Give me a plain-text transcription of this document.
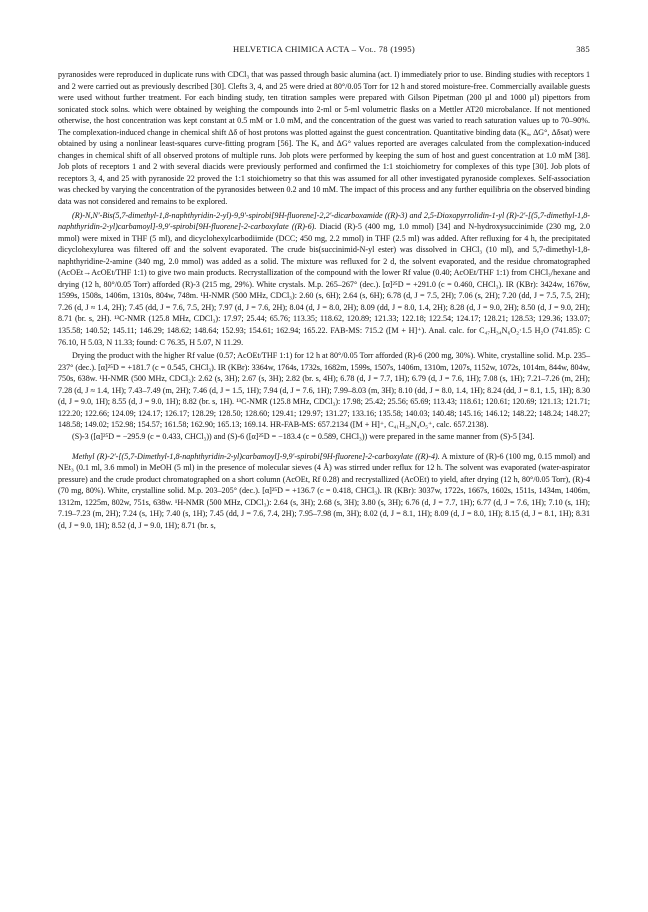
HELVETICA CHIMICA ACTA – Vol. 78 (1995)	385

pyranosides were reproduced in duplicate runs with CDCl₃ that was passed through basic alumina (act. I) immediately prior to use. Binding studies with receptors 1 and 2 were carried out as previously described [30]. Clefts 3, 4, and 25 were dried at 80°/0.05 Torr for 12 h and stored moisture-free. Commercially available guests were used without further treatment. For each binding study, ten titration samples were prepared with Gilson Pipetman (200 µl and 1000 µl) pipettors from sonicated stock solns. which were obtained by weighing the compounds into 2-ml or 5-ml volumetric flasks on a Mettler AT20 microbalance. If not mentioned otherwise, the host concentration was kept constant at 0.5 mM or 1.0 mM, and the concentration of the guest was varied to reach saturation values up to 70–90%. The complexation-induced change in chemical shift Δδ of host protons was plotted against the guest concentration. Quantitative binding data (Kₐ, ΔG°, Δδsat) were obtained by using a nonlinear least-squares curve-fitting program [56]. The Kₐ and ΔG° values reported are averages calculated from the complexation-induced changes in chemical shift of all observed protons of multiple runs. Job plots were performed by keeping the sum of host and guest concentration at 1.0 mM [38]. Job plots of receptors 1 and 2 with several diacids were previously performed and confirmed the 1:1 stoichiometry for complexes of this type [30]. Job plots of receptors 3, 4, and 25 with pyranoside 22 proved the 1:1 stoichiometry so that this was assumed for all other investigated pyranoside complexes. Self-association was checked by varying the concentration of the pyranosides between 0.2 and 10 mM. The impact of this process and any further equilibria on the observed binding data was not considered and remains to be explored.

(R)-N,N′-Bis(5,7-dimethyl-1,8-naphthyridin-2-yl)-9,9′-spirobi[9H-fluorene]-2,2′-dicarboxamide ((R)-3) and 2,5-Dioxopyrrolidin-1-yl (R)-2′-[(5,7-dimethyl-1,8-naphthyridin-2-yl)carbamoyl]-9,9′-spirobi[9H-fluorene]-2-carboxylate ((R)-6). Diacid (R)-5 (400 mg, 1.0 mmol) [34] and N-hydroxysuccinimide (230 mg, 2.0 mmol) were mixed in THF (5 ml), and dicyclohexylcarbodiimide (DCC; 450 mg, 2.2 mmol) in THF (2.5 ml) was added. After refluxing for 4 h, the precipitated dicyclohexylurea was filtered off and the solvent evaporated. The crude bis(succinimid-N-yl ester) was dissolved in CHCl₃ (10 ml), and 5,7-dimethyl-1,8-naphthyridine-2-amine (340 mg, 2.0 mmol) was added as a solid. The mixture was refluxed for 2 d, the solvent evaporated, and the residue chromatographed (AcOEt→AcOEt/THF 1:1) to give two main products. Recrystallization of the compound with the lower Rf value (0.40; AcOEt/THF 1:1) from CHCl₃/hexane and drying (12 h, 80°/0.05 Torr) afforded (R)-3 (215 mg, 29%). White crystals. M.p. 265–267° (dec.). [α]²⁵D = +291.0 (c = 0.460, CHCl₃). IR (KBr): 3424w, 1676w, 1599s, 1508s, 1406m, 1310s, 804w, 748m. ¹H-NMR (500 MHz, CDCl₃): 2.60 (s, 6H); 2.64 (s, 6H); 6.78 (d, J = 7.5, 2H); 7.06 (s, 2H); 7.20 (dd, J = 7.5, 7.5, 2H); 7.26 (d, J ≈ 1.4, 2H); 7.45 (dd, J = 7.6, 7.5, 2H); 7.97 (d, J = 7.6, 2H); 8.04 (d, J = 8.0, 2H); 8.09 (dd, J = 8.0, 1.4, 2H); 8.28 (d, J = 9.0, 2H); 8.50 (d, J = 9.0, 2H); 8.71 (br. s, 2H). ¹³C-NMR (125.8 MHz, CDCl₃): 17.97; 25.44; 65.76; 113.35; 118.62, 120.89; 121.33; 122.18; 122.54; 124.17; 128.21; 128.53; 129.36; 133.07; 135.58; 140.52; 145.11; 146.29; 148.62; 148.64; 152.93; 154.61; 162.94; 165.22. FAB-MS: 715.2 ([M + H]⁺). Anal. calc. for C₄₇H₃₄N₆O₂·1.5 H₂O (741.85): C 76.10, H 5.03, N 11.33; found: C 76.35, H 5.07, N 11.29.

Drying the product with the higher Rf value (0.57; AcOEt/THF 1:1) for 12 h at 80°/0.05 Torr afforded (R)-6 (200 mg, 30%). White, crystalline solid. M.p. 235–237° (dec.). [α]²⁵D = +181.7 (c = 0.545, CHCl₃). IR (KBr): 3364w, 1764s, 1732s, 1682m, 1599s, 1507s, 1406m, 1310m, 1207s, 1152w, 1072s, 1014m, 844w, 804w, 750s, 638w. ¹H-NMR (500 MHz, CDCl₃): 2.62 (s, 3H); 2.67 (s, 3H); 2.82 (br. s, 4H); 6.78 (d, J = 7.7, 1H); 6.79 (d, J = 7.6, 1H); 7.08 (s, 1H); 7.21–7.26 (m, 2H); 7.28 (d, J ≈ 1.4, 1H); 7.43–7.49 (m, 2H); 7.46 (d, J = 1.5, 1H); 7.94 (d, J = 7.6, 1H); 7.99–8.03 (m, 3H); 8.10 (dd, J = 8.0, 1.4, 1H); 8.24 (dd, J = 8.1, 1.5, 1H); 8.30 (d, J = 9.0, 1H); 8.55 (d, J = 9.0, 1H); 8.82 (br. s, 1H). ¹³C-NMR (125.8 MHz, CDCl₃): 17.98; 25.42; 25.56; 65.69; 113.43; 118.61; 120.61; 120.69; 121.13; 121.71; 122.20; 122.66; 124.09; 124.17; 126.17; 128.29; 128.50; 128.60; 129.41; 129.97; 131.27; 133.16; 135.58; 140.03; 140.48; 145.16; 146.12; 148.22; 148.24; 148.27; 148.58; 149.02; 152.98; 154.57; 161.58; 162.90; 165.13; 169.14. HR-FAB-MS: 657.2134 ([M + H]⁺, C₄₁H₂₉N₄O₅⁺, calc. 657.2138).

(S)-3 ([α]²⁵D = −295.9 (c = 0.433, CHCl₃)) and (S)-6 ([α]²⁵D = −183.4 (c = 0.589, CHCl₃)) were prepared in the same manner from (S)-5 [34].

Methyl (R)-2′-[(5,7-Dimethyl-1,8-naphthyridin-2-yl)carbamoyl]-9,9′-spirobi[9H-fluorene]-2-carboxylate ((R)-4). A mixture of (R)-6 (100 mg, 0.15 mmol) and NEt₃ (0.1 ml, 3.6 mmol) in MeOH (5 ml) in the presence of molecular sieves (4 Å) was stirred under reflux for 12 h. The solvent was evaporated (water-aspirator pressure) and the crude product chromatographed on a short column (AcOEt, Rf 0.28) and recrystallized (AcOEt) to yield, after drying (12 h, 80°/0.05 Torr), (R)-4 (70 mg, 80%). White, crystalline solid. M.p. 203–205° (dec.). [α]²⁵D = +136.7 (c = 0.418, CHCl₃). IR (KBr): 3037w, 1722s, 1667s, 1602s, 1511s, 1434m, 1406m, 1312m, 1225m, 802w, 751s, 638w. ¹H-NMR (500 MHz, CDCl₃): 2.64 (s, 3H); 2.68 (s, 3H); 3.80 (s, 3H); 6.76 (d, J = 7.7, 1H); 6.77 (d, J = 7.6, 1H); 7.10 (s, 1H); 7.19–7.23 (m, 2H); 7.24 (s, 1H); 7.40 (s, 1H); 7.45 (dd, J = 7.6, 7.4, 2H); 7.95–7.98 (m, 3H); 8.02 (d, J = 8.1, 1H); 8.09 (d, J = 8.0, 1H); 8.15 (d, J = 8.1, 1H); 8.31 (d, J = 9.0, 1H); 8.52 (d, J = 9.0, 1H); 8.71 (br. s,
